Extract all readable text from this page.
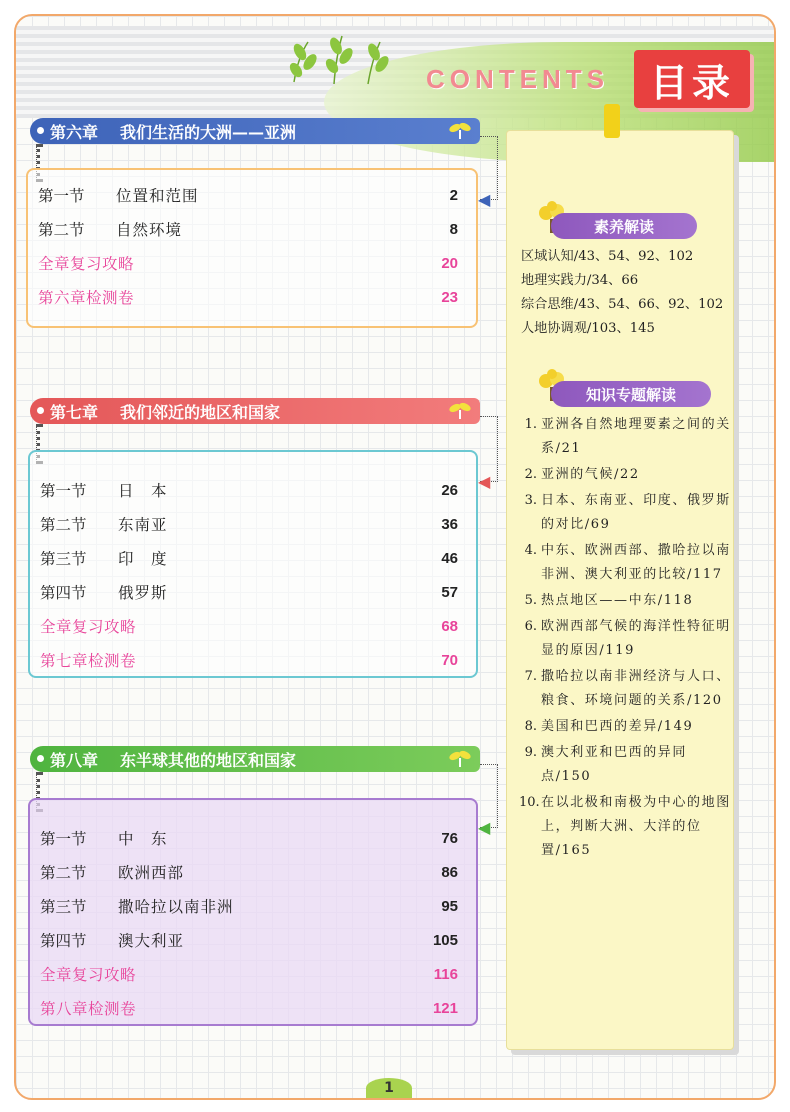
CONTENTS	目录
第六章 我们生活的大洲——亚洲
◀
第一节	位置和范围	2
第二节	自然环境	8
全章复习攻略	20
第六章检测卷	23
第七章 我们邻近的地区和国家
◀
第一节	日　本	26
第二节	东南亚	36
第三节	印　度	46
第四节	俄罗斯	57
全章复习攻略	68
第七章检测卷	70
第八章 东半球其他的地区和国家
◀
第一节	中　东	76
第二节	欧洲西部	86
第三节	撒哈拉以南非洲	95
第四节	澳大利亚	105
全章复习攻略	116
第八章检测卷	121
素养解读
区域认知/43、54、92、102
地理实践力/34、66
综合思维/43、54、66、92、102
人地协调观/103、145
知识专题解读
1. 亚洲各自然地理要素之间的关系/21
2. 亚洲的气候/22
3. 日本、东南亚、印度、俄罗斯的对比/69
4. 中东、欧洲西部、撒哈拉以南非洲、澳大利亚的比较/117
5. 热点地区——中东/118
6. 欧洲西部气候的海洋性特征明显的原因/119
7. 撒哈拉以南非洲经济与人口、粮食、环境问题的关系/120
8. 美国和巴西的差异/149
9. 澳大利亚和巴西的异同点/150
10. 在以北极和南极为中心的地图上，判断大洲、大洋的位置/165
1
